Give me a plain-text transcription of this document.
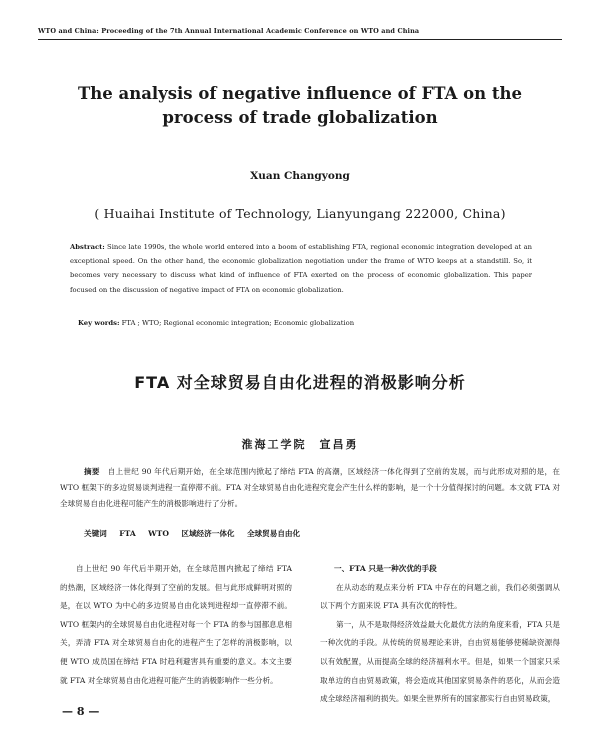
WTO and China: Proceeding of the 7th Annual International Academic Conference on WTO and China
The analysis of negative influence of FTA on the process of trade globalization
Xuan Changyong
( Huaihai Institute of Technology, Lianyungang 222000, China)
Abstract: Since late 1990s, the whole world entered into a boom of establishing FTA, regional economic integration developed at an exceptional speed. On the other hand, the economic globalization negotiation under the frame of WTO keeps at a standstill. So, it becomes very necessary to discuss what kind of influence of FTA exerted on the process of economic globalization. This paper focused on the discussion of negative impact of FTA on economic globalization.
Key words: FTA ; WTO; Regional economic integration; Economic globalization
FTA 对全球贸易自由化进程的消极影响分析
淮海工学院　宣昌勇
摘要　自上世纪 90 年代后期开始，在全球范围内掀起了缔结 FTA 的高潮，区域经济一体化得到了空前的发展，而与此形成对照的是，在 WTO 框架下的多边贸易谈判进程一直停滞不前。FTA 对全球贸易自由化进程究竟会产生什么样的影响，是一个十分值得探讨的问题。本文就 FTA 对全球贸易自由化进程可能产生的消极影响进行了分析。
关键词 FTA WTO 区域经济一体化 全球贸易自由化
自上世纪 90 年代后半期开始，在全球范围内掀起了缔结 FTA 的热潮，区域经济一体化得到了空前的发展。但与此形成鲜明对照的是，在以 WTO 为中心的多边贸易自由化谈判进程却一直停滞不前。WTO 框架内的全球贸易自由化进程对每一个 FTA 的参与国都息息相关，弄清 FTA 对全球贸易自由化的进程产生了怎样的消极影响，以便 WTO 成员国在缔结 FTA 时趋利避害具有重要的意义。本文主要就 FTA 对全球贸易自由化进程可能产生的消极影响作一些分析。
一、FTA 只是一种次优的手段

在从动态的观点来分析 FTA 中存在的问题之前，我们必须强调从以下两个方面来说 FTA 具有次优的特性。

第一，从不是取得经济效益最大化最优方法的角度来看，FTA 只是一种次优的手段。从传统的贸易理论来讲，自由贸易能够使稀缺资源得以有效配置，从而提高全球的经济福利水平。但是，如果一个国家只采取单边的自由贸易政策，将会造成其他国家贸易条件的恶化，从而会造成全球经济福利的损失。如果全世界所有的国家都实行自由贸易政策，

— 8 —
